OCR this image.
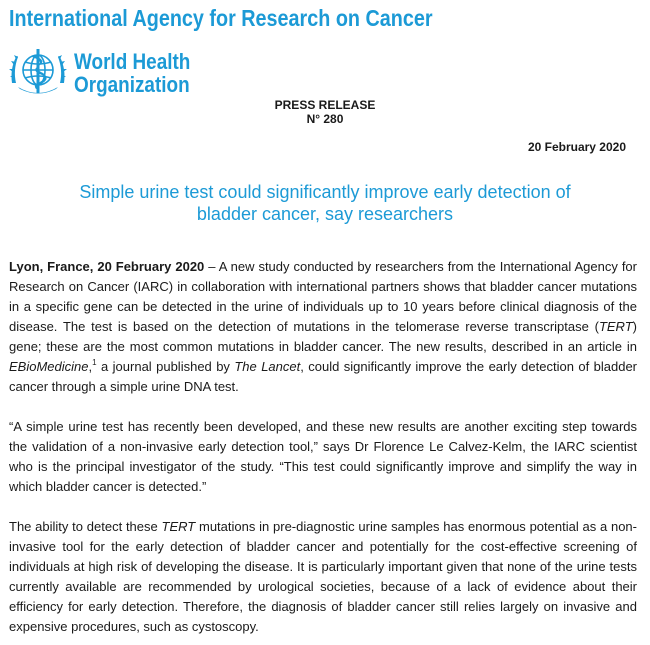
International Agency for Research on Cancer
World Health
Organization
PRESS RELEASE
N° 280
20 February 2020
Simple urine test could significantly improve early detection of
bladder cancer, say researchers

Lyon, France, 20 February 2020 – A new study conducted by researchers from the International Agency for Research on Cancer (IARC) in collaboration with international partners shows that bladder cancer mutations in a specific gene can be detected in the urine of individuals up to 10 years before clinical diagnosis of the disease. The test is based on the detection of mutations in the telomerase reverse transcriptase (TERT) gene; these are the most common mutations in bladder cancer. The new results, described in an article in EBioMedicine,$^1$ a journal published by The Lancet, could significantly improve the early detection of bladder cancer through a simple urine DNA test.

“A simple urine test has recently been developed, and these new results are another exciting step towards the validation of a non-invasive early detection tool,” says Dr Florence Le Calvez-Kelm, the IARC scientist who is the principal investigator of the study. “This test could significantly improve and simplify the way in which bladder cancer is detected.”

The ability to detect these TERT mutations in pre-diagnostic urine samples has enormous potential as a non-invasive tool for the early detection of bladder cancer and potentially for the cost-effective screening of individuals at high risk of developing the disease. It is particularly important given that none of the urine tests currently available are recommended by urological societies, because of a lack of evidence about their efficiency for early detection. Therefore, the diagnosis of bladder cancer still relies largely on invasive and expensive procedures, such as cystoscopy.
